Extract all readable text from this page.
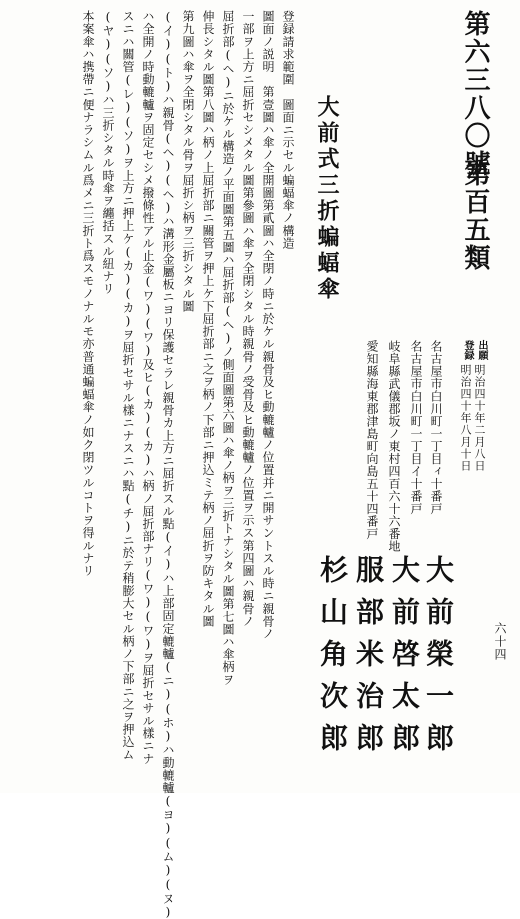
第六三八〇號
第百五類
出願
登録
明治四十年二月八日
明治四十年八月十日
名古屋市白川町一丁目ィ十番戸
名古屋市白川町一丁目イ十番戸
岐阜縣武儀郡坂ノ東村四百六十六番地
愛知縣海東郡津島町向島五十四番戸
大前榮一郎
大前啓太郎
服部米治郎
杉山角次郎	六十四
大前式三折蝙蝠傘
登録請求範圍　圖面ニ示セル蝙蝠傘ノ構造
圖面ノ説明　第壹圖ハ傘ノ全開圖第貳圖ハ全閉ノ時ニ於ケル親骨及ヒ動轆轤ノ位置并ニ開サントスル時ニ親骨ノ
一部ヲ上方ニ屈折セシメタル圖第參圖ハ傘ヲ全閉シタル時親骨ノ受骨及ヒ動轆轤ノ位置ヲ示ス第四圖ハ親骨ノ
屈折部(ヘ)ニ於ケル構造ノ平面圖第五圖ハ屈折部(ヘ)ノ側面圖第六圖ハ傘ノ柄ヲ三折トナシタル圖第七圖ハ傘柄ヲ
伸長シタル圖第八圖ハ柄ノ上屈折部ニ關管ヲ押上ケ下屈折部ニ之ヲ柄ノ下部ニ押込ミテ柄ノ屈折ヲ防キタル圖
第九圖ハ傘ヲ全閉シタル骨ヲ屈折シ柄ヲ三折シタル圖
(イ)(ト)ハ親骨(ヘ)(ヘ)ハ溝形金屬板ニヨリ保護セラレ親骨カ上方ニ屈折スル點(イ)ハ上部固定轆轤(ニ)(ホ)ハ動轆轤(ヨ)(ム)(ヌ)
ハ全開ノ時動轆轤ヲ固定セシメ撥條性アル止金(ワ)(ワ)及ヒ(カ)(カ)ハ柄ノ屈折部ナリ(ワ)(ワ)ヲ屈折セサル樣ニナ
スニハ關管(レ)(ソ)ヲ上方ニ押上ケ(カ)(カ)ヲ屈折セサル樣ニナスニハ點(チ)ニ於テ稍膨大セル柄ノ下部ニ之ヲ押込ム
(ヤ)(ソ)ハ三折シタル時傘ヲ纏括スル紐ナリ
本案傘ハ携帶ニ便ナラシムル爲メニ三折ト爲スモノナルモ亦普通蝙蝠傘ノ如ク閉ツルコトヲ得ルナリ
